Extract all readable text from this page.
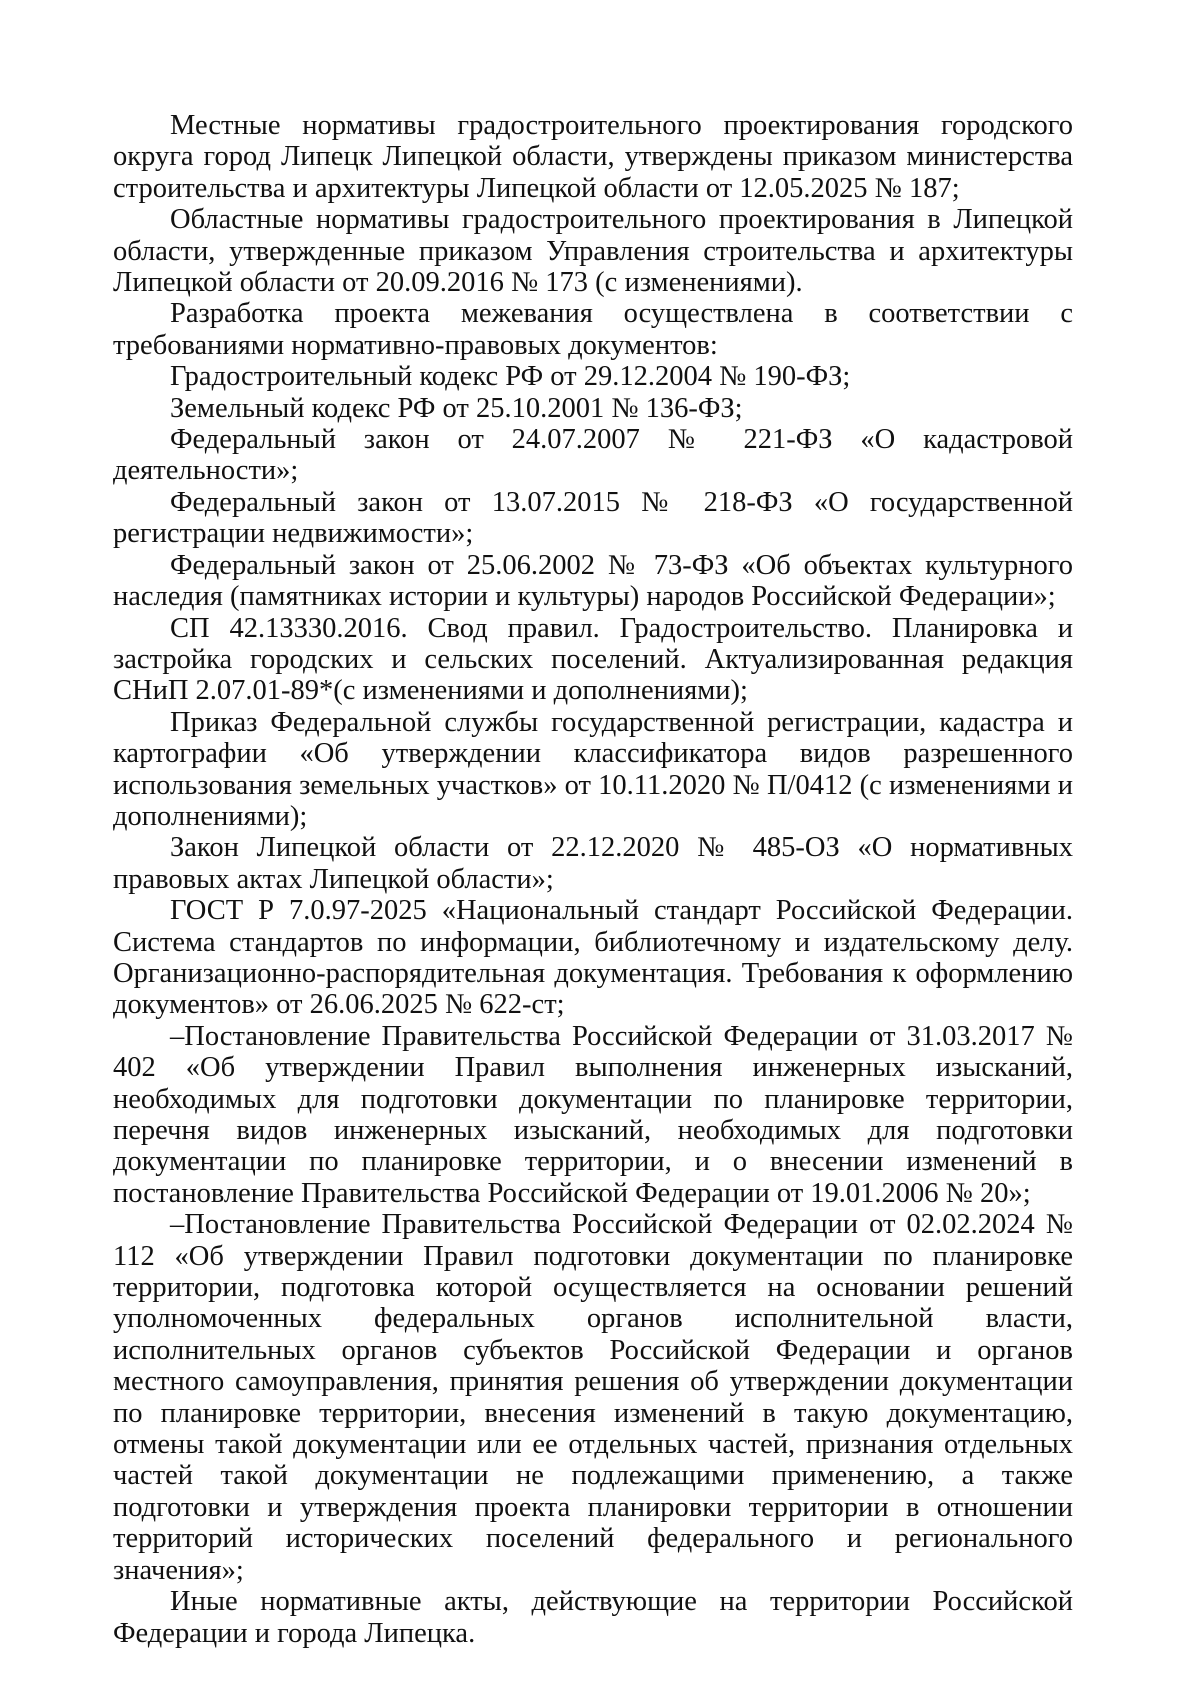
Местные нормативы градостроительного проектирования городского округа город Липецк Липецкой области, утверждены приказом министерства строительства и архитектуры Липецкой области от 12.05.2025 № 187;

Областные нормативы градостроительного проектирования в Липецкой области, утвержденные приказом Управления строительства и архитектуры Липецкой области от 20.09.2016 № 173 (с изменениями).

Разработка проекта межевания осуществлена в соответствии с требованиями нормативно-правовых документов:

Градостроительный кодекс РФ от 29.12.2004 № 190-ФЗ;

Земельный кодекс РФ от 25.10.2001 № 136-ФЗ;

Федеральный закон от 24.07.2007 № 221-ФЗ «О кадастровой деятельности»;

Федеральный закон от 13.07.2015 № 218-ФЗ «О государственной регистрации недвижимости»;

Федеральный закон от 25.06.2002 № 73-ФЗ «Об объектах культурного наследия (памятниках истории и культуры) народов Российской Федерации»;

СП 42.13330.2016. Свод правил. Градостроительство. Планировка и застройка городских и сельских поселений. Актуализированная редакция СНиП 2.07.01-89*(с изменениями и дополнениями);

Приказ Федеральной службы государственной регистрации, кадастра и картографии «Об утверждении классификатора видов разрешенного использования земельных участков» от 10.11.2020 № П/0412 (с изменениями и дополнениями);

Закон Липецкой области от 22.12.2020 № 485-ОЗ «О нормативных правовых актах Липецкой области»;

ГОСТ Р 7.0.97-2025 «Национальный стандарт Российской Федерации. Система стандартов по информации, библиотечному и издательскому делу. Организационно-распорядительная документация. Требования к оформлению документов» от 26.06.2025 № 622-ст;

–Постановление Правительства Российской Федерации от 31.03.2017 № 402 «Об утверждении Правил выполнения инженерных изысканий, необходимых для подготовки документации по планировке территории, перечня видов инженерных изысканий, необходимых для подготовки документации по планировке территории, и о внесении изменений в постановление Правительства Российской Федерации от 19.01.2006 № 20»;

–Постановление Правительства Российской Федерации от 02.02.2024 № 112 «Об утверждении Правил подготовки документации по планировке территории, подготовка которой осуществляется на основании решений уполномоченных федеральных органов исполнительной власти, исполнительных органов субъектов Российской Федерации и органов местного самоуправления, принятия решения об утверждении документации по планировке территории, внесения изменений в такую документацию, отмены такой документации или ее отдельных частей, признания отдельных частей такой документации не подлежащими применению, а также подготовки и утверждения проекта планировки территории в отношении территорий исторических поселений федерального и регионального значения»;

Иные нормативные акты, действующие на территории Российской Федерации и города Липецка.
